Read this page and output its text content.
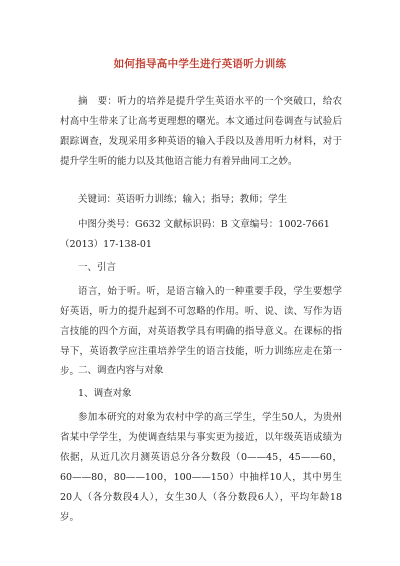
如何指导高中学生进行英语听力训练

摘　要：听力的培养是提升学生英语水平的一个突破口，给农村高中生带来了让高考更理想的曙光。本文通过问卷调查与试验后跟踪调查，发现采用多种英语的输入手段以及善用听力材料，对于提升学生听的能力以及其他语言能力有着异曲同工之妙。

关键词：英语听力训练；输入；指导；教师；学生

中图分类号：G632 文献标识码：B 文章编号：1002-7661（2013）17-138-01

一、引言

语言，始于听。听，是语言输入的一种重要手段，学生要想学好英语，听力的提升起到不可忽略的作用。听、说、读、写作为语言技能的四个方面，对英语教学具有明确的指导意义。在课标的指导下，英语教学应注重培养学生的语言技能，听力训练应走在第一步。 二、调查内容与对象

1、调查对象

参加本研究的对象为农村中学的高三学生，学生50人，为贵州省某中学学生，为使调查结果与事实更为接近，以年级英语成绩为依据，从近几次月测英语总分各分数段（0——45，45——60，60——80，80——100，100——150）中抽样10人，其中男生20人（各分数段4人），女生30人（各分数段6人），平均年龄18岁。
